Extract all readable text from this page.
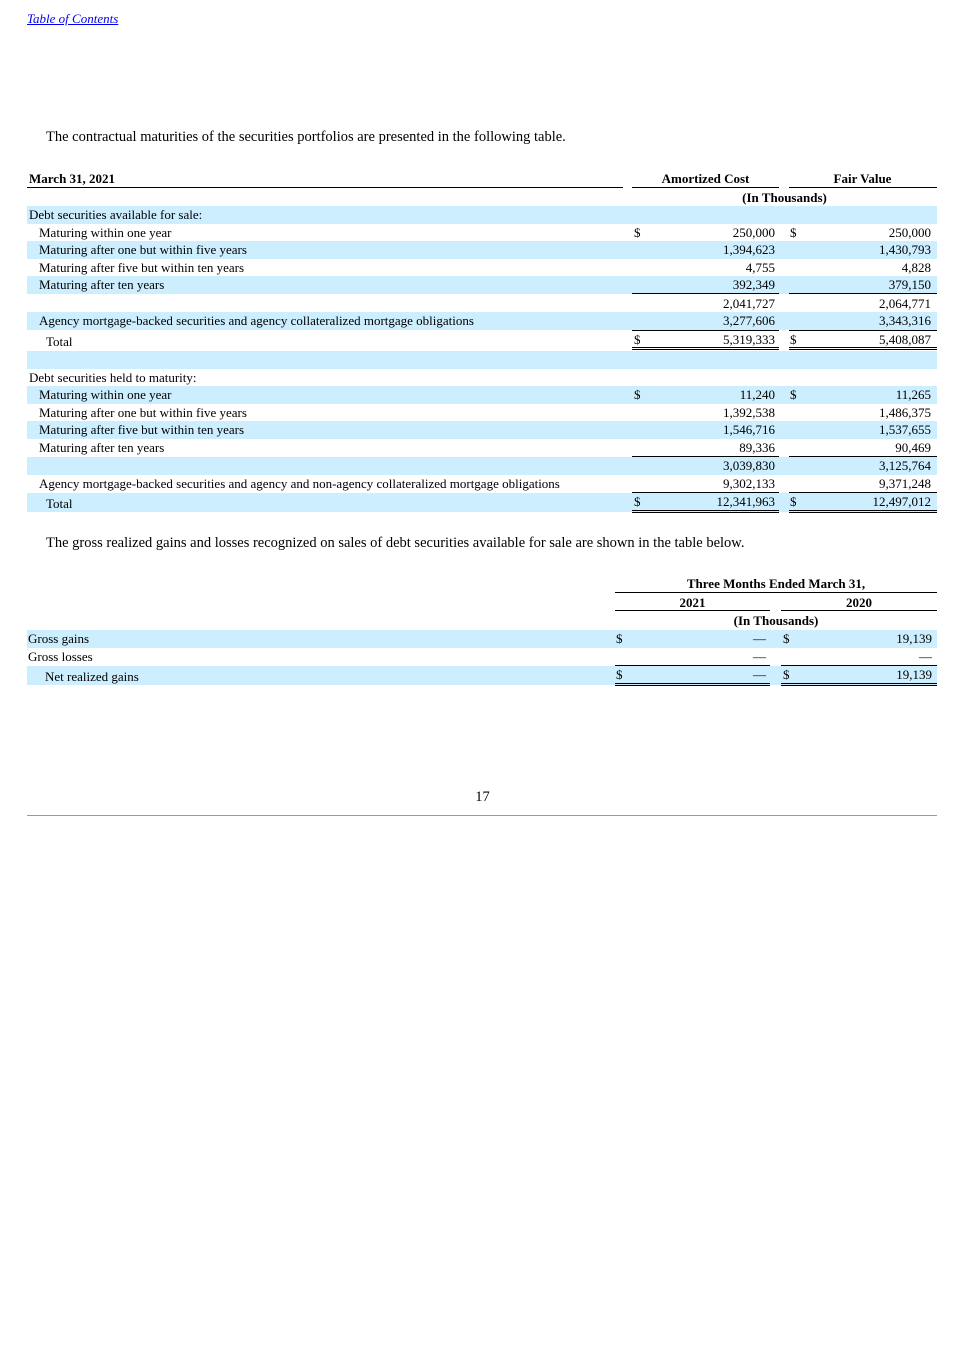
Table of Contents
The contractual maturities of the securities portfolios are presented in the following table.
March 31, 2021	Amortized Cost	Fair Value
(In Thousands)
Debt securities available for sale:
Maturing within one year	$	250,000 $	250,000
Maturing after one but within five years	1,394,623	1,430,793
Maturing after five but within ten years	4,755	4,828
Maturing after ten years	392,349	379,150
2,041,727	2,064,771
Agency mortgage-backed securities and agency collateralized mortgage obligations	3,277,606	3,343,316
Total	$	5,319,333 $	5,408,087
Debt securities held to maturity:
Maturing within one year	$	11,240 $	11,265
Maturing after one but within five years	1,392,538	1,486,375
Maturing after five but within ten years	1,546,716	1,537,655
Maturing after ten years	89,336	90,469
3,039,830	3,125,764
Agency mortgage-backed securities and agency and non-agency collateralized mortgage obligations	9,302,133	9,371,248
Total	$	12,341,963 $	12,497,012
The gross realized gains and losses recognized on sales of debt securities available for sale are shown in the table below.
Three Months Ended March 31,
2021	2020
(In Thousands)
Gross gains	$	— $	19,139
Gross losses	—	—
Net realized gains	$	— $	19,139
17
